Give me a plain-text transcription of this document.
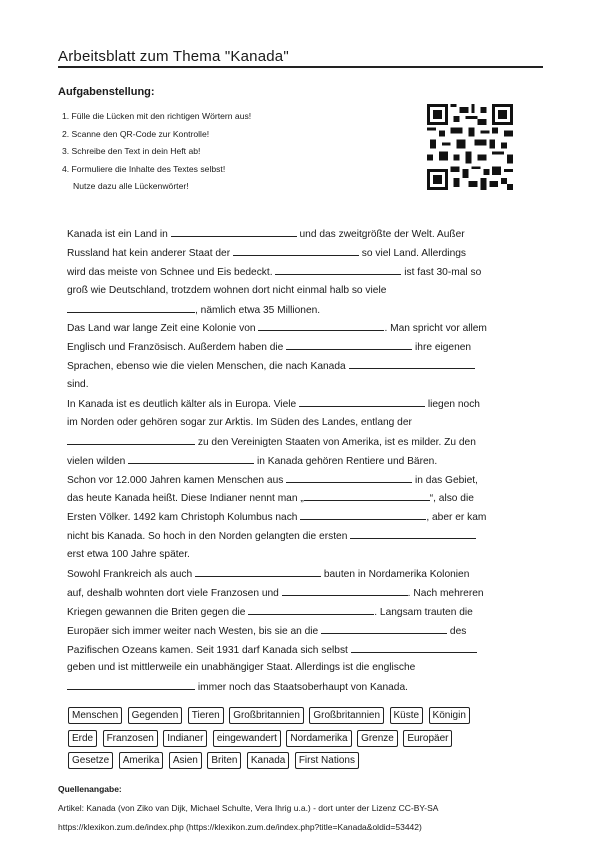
Arbeitsblatt zum Thema "Kanada"
Aufgabenstellung:
1. Fülle die Lücken mit den richtigen Wörtern aus!
2. Scanne den QR-Code zur Kontrolle!
3. Schreibe den Text in dein Heft ab!
4. Formuliere die Inhalte des Textes selbst!
Nutze dazu alle Lückenwörter!
Kanada ist ein Land in	und das zweitgrößte der Welt. Außer
Russland hat kein anderer Staat der	so viel Land. Allerdings
wird das meiste von Schnee und Eis bedeckt.	ist fast 30-mal so
groß wie Deutschland, trotzdem wohnen dort nicht einmal halb so viele
, nämlich etwa 35 Millionen.
Das Land war lange Zeit eine Kolonie von	. Man spricht vor allem
Englisch und Französisch. Außerdem haben die	ihre eigenen
Sprachen, ebenso wie die vielen Menschen, die nach Kanada
sind.
In Kanada ist es deutlich kälter als in Europa. Viele	liegen noch
im Norden oder gehören sogar zur Arktis. Im Süden des Landes, entlang der
zu den Vereinigten Staaten von Amerika, ist es milder. Zu den
vielen wilden	in Kanada gehören Rentiere und Bären.
Schon vor 12.000 Jahren kamen Menschen aus	in das Gebiet,
das heute Kanada heißt. Diese Indianer nennt man „	“, also die
Ersten Völker. 1492 kam Christoph Kolumbus nach	, aber er kam
nicht bis Kanada. So hoch in den Norden gelangten die ersten
erst etwa 100 Jahre später.
Sowohl Frankreich als auch	bauten in Nordamerika Kolonien
auf, deshalb wohnten dort viele Franzosen und	. Nach mehreren
Kriegen gewannen die Briten gegen die	. Langsam trauten die
Europäer sich immer weiter nach Westen, bis sie an die	des
Pazifischen Ozeans kamen. Seit 1931 darf Kanada sich selbst
geben und ist mittlerweile ein unabhängiger Staat. Allerdings ist die englische
immer noch das Staatsoberhaupt von Kanada.
Menschen Gegenden Tieren Großbritannien Großbritannien Küste Königin
Erde Franzosen Indianer eingewandert Nordamerika Grenze Europäer
Gesetze Amerika Asien Briten Kanada First Nations
Quellenangabe:
Artikel: Kanada (von Ziko van Dijk, Michael Schulte, Vera Ihrig u.a.) - dort unter der Lizenz CC-BY-SA
https://klexikon.zum.de/index.php (https://klexikon.zum.de/index.php?title=Kanada&oldid=53442)
